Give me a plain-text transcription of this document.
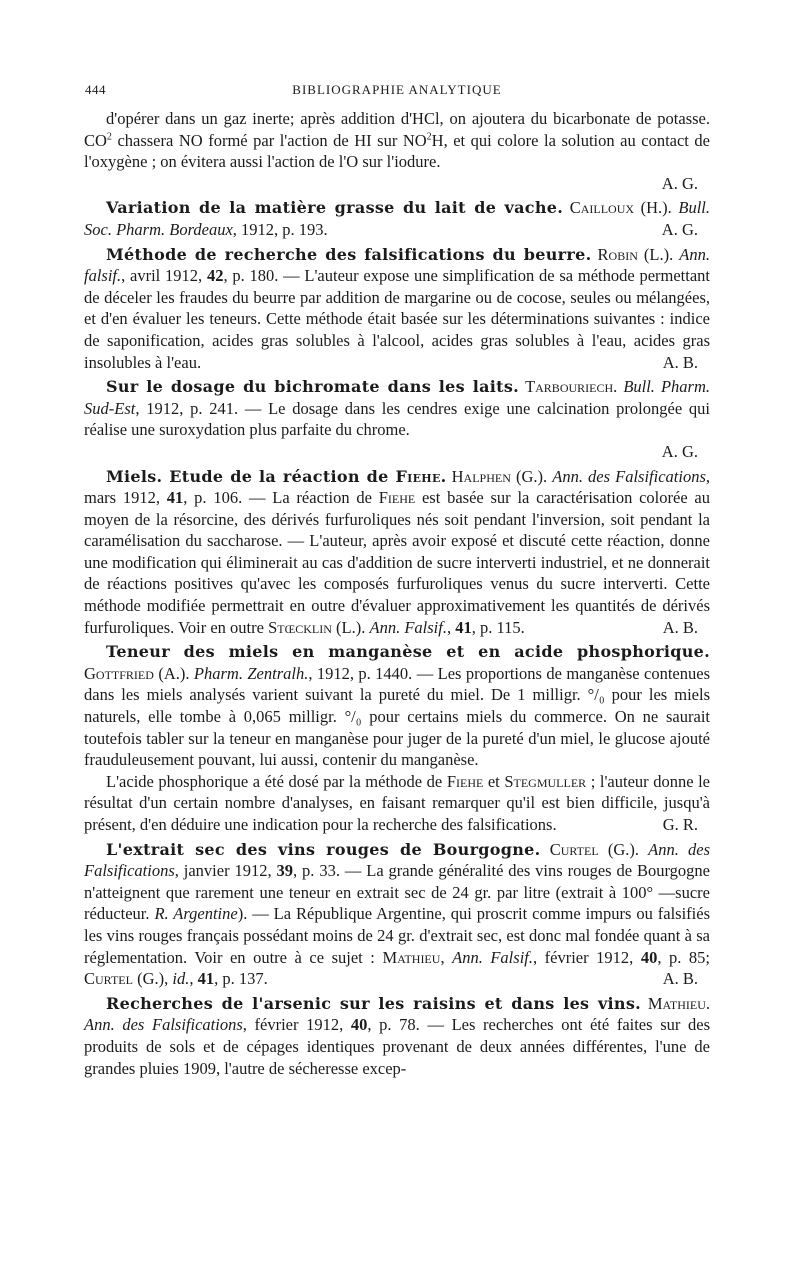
444	BIBLIOGRAPHIE ANALYTIQUE

d'opérer dans un gaz inerte; après addition d'HCl, on ajoutera du bicarbonate de potasse. $CO^2$ chassera NO formé par l'action de HI sur $NO^2H$, et qui colore la solution au contact de l'oxygène ; on évitera aussi l'action de l'O sur l'iodure.

A. G.

Variation de la matière grasse du lait de vache. Cailloux (H.). Bull. Soc. Pharm. Bordeaux, 1912, p. 193.	A. G.

Méthode de recherche des falsifications du beurre. Robin (L.). Ann. falsif., avril 1912, 42, p. 180. — L'auteur expose une simplification de sa méthode permettant de déceler les fraudes du beurre par addition de margarine ou de cocose, seules ou mélangées, et d'en évaluer les teneurs. Cette méthode était basée sur les déterminations suivantes : indice de saponification, acides gras solubles à l'alcool, acides gras solubles à l'eau, acides gras insolubles à l'eau.	A. B.

Sur le dosage du bichromate dans les laits. Tarbouriech. Bull. Pharm. Sud-Est, 1912, p. 241. — Le dosage dans les cendres exige une calcination prolongée qui réalise une suroxydation plus parfaite du chrome.

A. G.

Miels. Etude de la réaction de Fiehe. Halphen (G.). Ann. des Falsifications, mars 1912, 41, p. 106. — La réaction de Fiehe est basée sur la caractérisation colorée au moyen de la résorcine, des dérivés furfuroliques nés soit pendant l'inversion, soit pendant la caramélisation du saccharose. — L'auteur, après avoir exposé et discuté cette réaction, donne une modification qui éliminerait au cas d'addition de sucre interverti industriel, et ne donnerait de réactions positives qu'avec les composés furfuroliques venus du sucre interverti. Cette méthode modifiée permettrait en outre d'évaluer approximativement les quantités de dérivés furfuroliques. Voir en outre Stœcklin (L.). Ann. Falsif., 41, p. 115.	A. B.

Teneur des miels en manganèse et en acide phosphorique. Gottfried (A.). Pharm. Zentralh., 1912, p. 1440. — Les proportions de manganèse contenues dans les miels analysés varient suivant la pureté du miel. De 1 milligr. °/₀ pour les miels naturels, elle tombe à 0,065 milligr. °/₀ pour certains miels du commerce. On ne saurait toutefois tabler sur la teneur en manganèse pour juger de la pureté d'un miel, le glucose ajouté frauduleusement pouvant, lui aussi, contenir du manganèse.

L'acide phosphorique a été dosé par la méthode de Fiehe et Stegmuller ; l'auteur donne le résultat d'un certain nombre d'analyses, en faisant remarquer qu'il est bien difficile, jusqu'à présent, d'en déduire une indication pour la recherche des falsifications.	G. R.

L'extrait sec des vins rouges de Bourgogne. Curtel (G.). Ann. des Falsifications, janvier 1912, 39, p. 33. — La grande généralité des vins rouges de Bourgogne n'atteignent que rarement une teneur en extrait sec de 24 gr. par litre (extrait à 100° —sucre réducteur. R. Argentine). — La République Argentine, qui proscrit comme impurs ou falsifiés les vins rouges français possédant moins de 24 gr. d'extrait sec, est donc mal fondée quant à sa réglementation. Voir en outre à ce sujet : Mathieu, Ann. Falsif., février 1912, 40, p. 85; Curtel (G.), id., 41, p. 137.	A. B.

Recherches de l'arsenic sur les raisins et dans les vins. Mathieu. Ann. des Falsifications, février 1912, 40, p. 78. — Les recherches ont été faites sur des produits de sols et de cépages identiques provenant de deux années différentes, l'une de grandes pluies 1909, l'autre de sécheresse excep-
